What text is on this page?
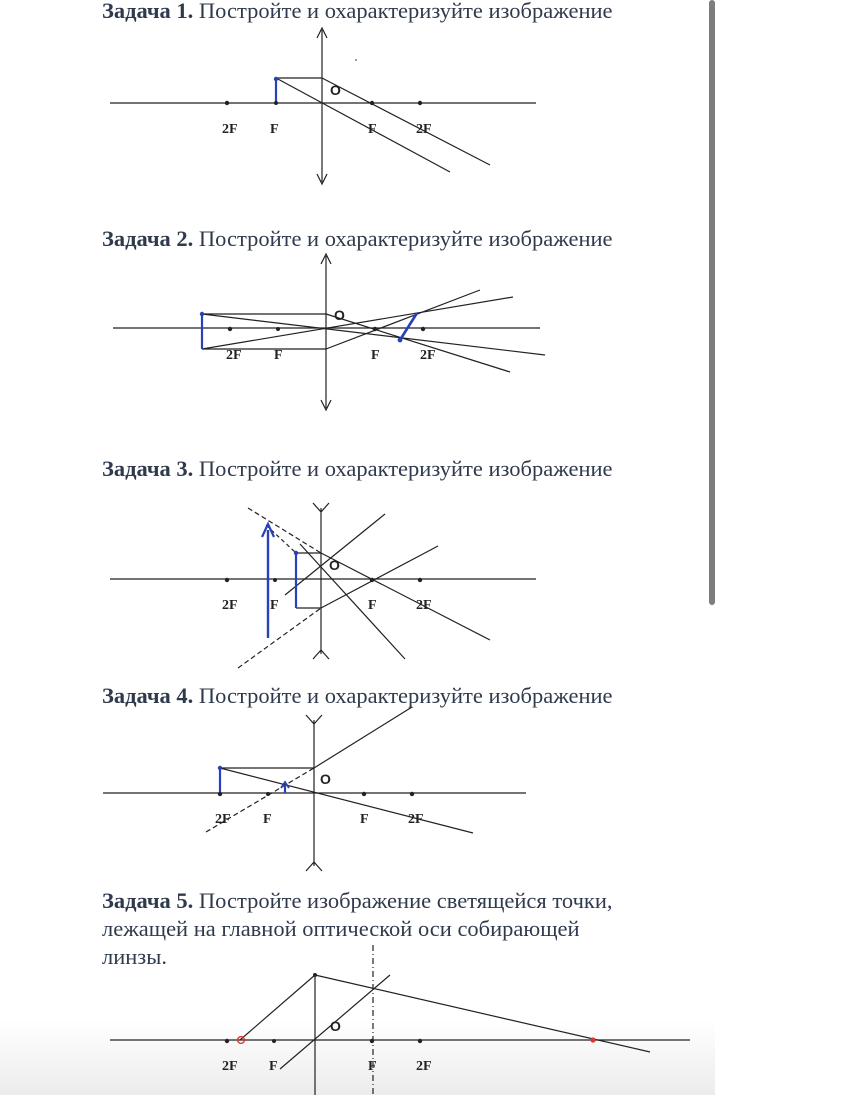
Задача 1. Постройте и охарактеризуйте изображение
Задача 2. Постройте и охарактеризуйте изображение
Задача 3. Постройте и охарактеризуйте изображение
Задача 4. Постройте и охарактеризуйте изображение
Задача 5. Постройте изображение светящейся точки,
лежащей на главной оптической оси собирающей
линзы.
2F F
O
F	2F
2F F
O
F	2F
2F F
O
F	2F
2F F
O
F	2F
2F F
O
F	2F
